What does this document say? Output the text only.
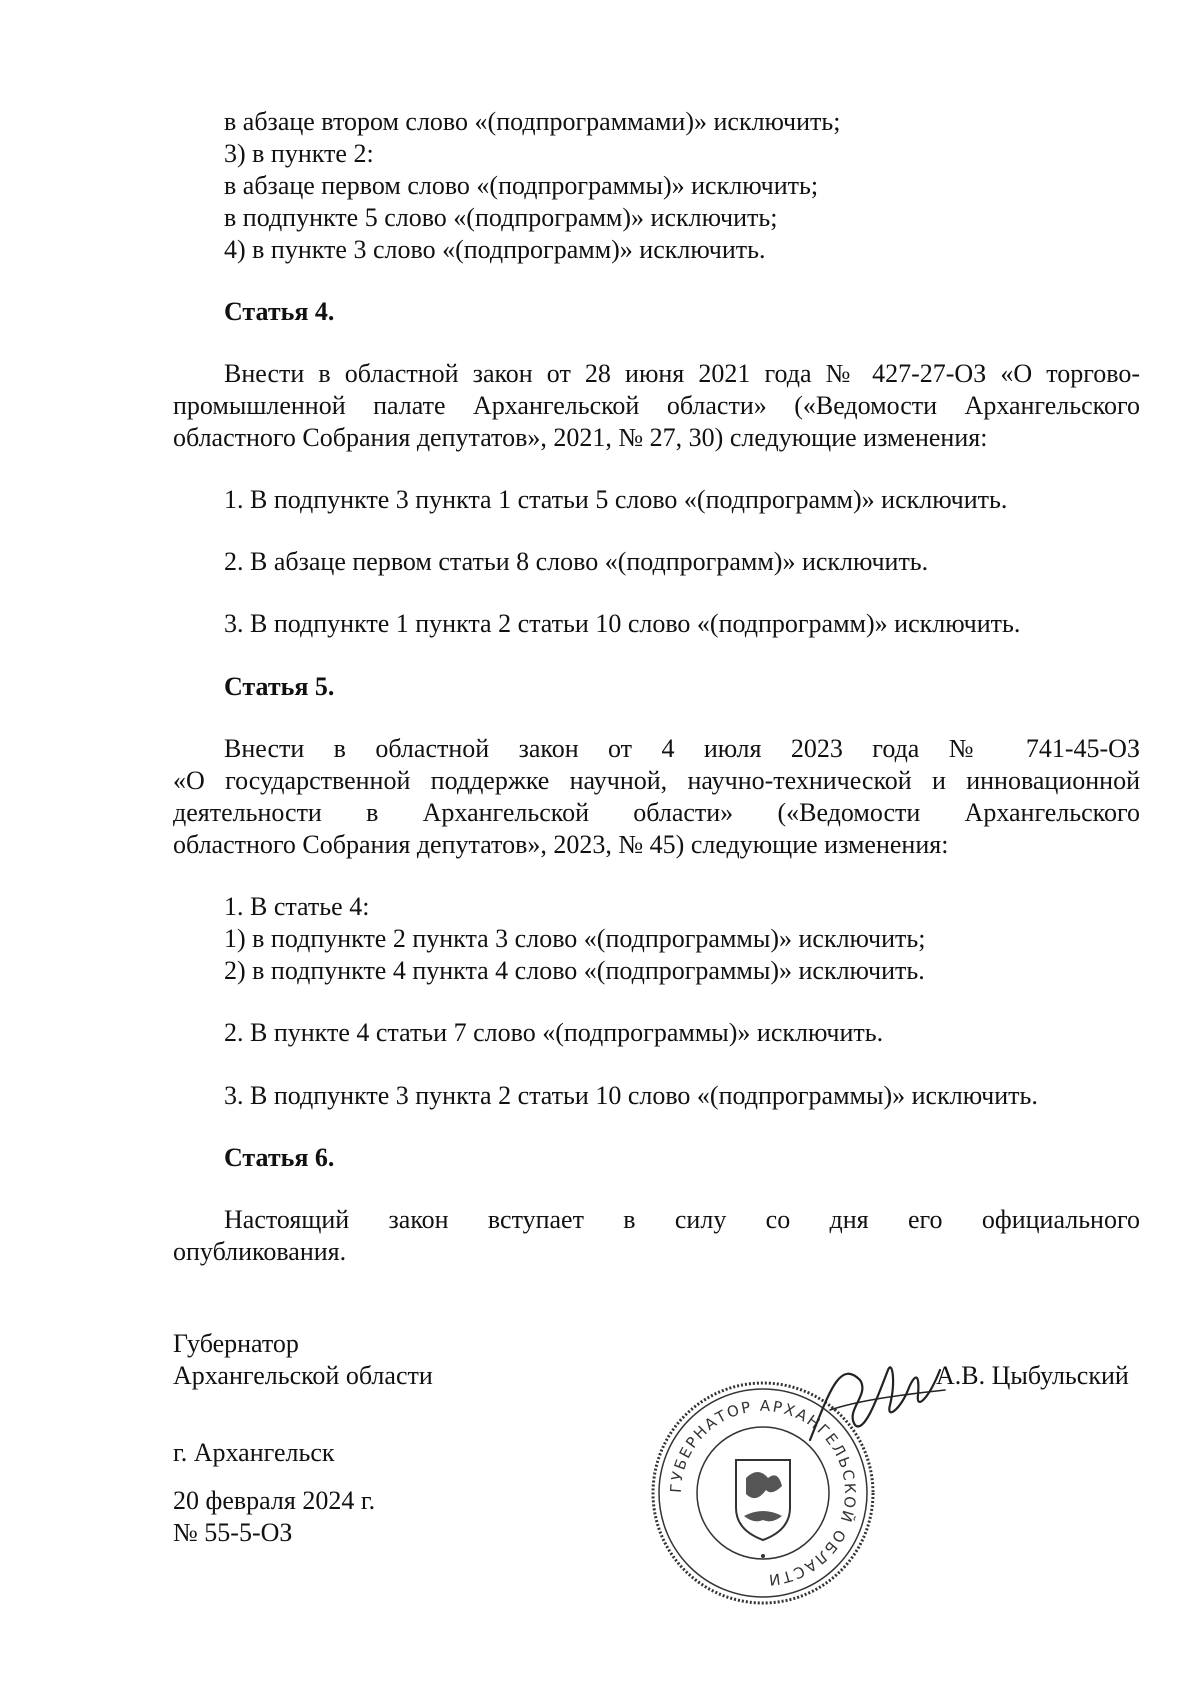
в абзаце втором слово «(подпрограммами)» исключить;
3) в пункте 2:
в абзаце первом слово «(подпрограммы)» исключить;
в подпункте 5 слово «(подпрограмм)» исключить;
4) в пункте 3 слово «(подпрограмм)» исключить.
Статья 4.
Внести в областной закон от 28 июня 2021 года № 427-27-ОЗ «О торгово-
промышленной палате Архангельской области» («Ведомости Архангельского
областного Собрания депутатов», 2021, № 27, 30) следующие изменения:
1. В подпункте 3 пункта 1 статьи 5 слово «(подпрограмм)» исключить.
2. В абзаце первом статьи 8 слово «(подпрограмм)» исключить.
3. В подпункте 1 пункта 2 статьи 10 слово «(подпрограмм)» исключить.
Статья 5.
Внести в областной закон от 4 июля 2023 года № 741-45-ОЗ
«О государственной поддержке научной, научно-технической и инновационной
деятельности в Архангельской области» («Ведомости Архангельского
областного Собрания депутатов», 2023, № 45) следующие изменения:
1. В статье 4:
1) в подпункте 2 пункта 3 слово «(подпрограммы)» исключить;
2) в подпункте 4 пункта 4 слово «(подпрограммы)» исключить.
2. В пункте 4 статьи 7 слово «(подпрограммы)» исключить.
3. В подпункте 3 пункта 2 статьи 10 слово «(подпрограммы)» исключить.
Статья 6.
Настоящий закон вступает в силу со дня его официального
опубликования.
Губернатор
Архангельской области	А.В. Цыбульский
г. Архангельск
20 февраля 2024 г.
№ 55-5-ОЗ
ГУБЕРНАТОР АРХАНГЕЛЬСКОЙ ОБЛАСТИ
